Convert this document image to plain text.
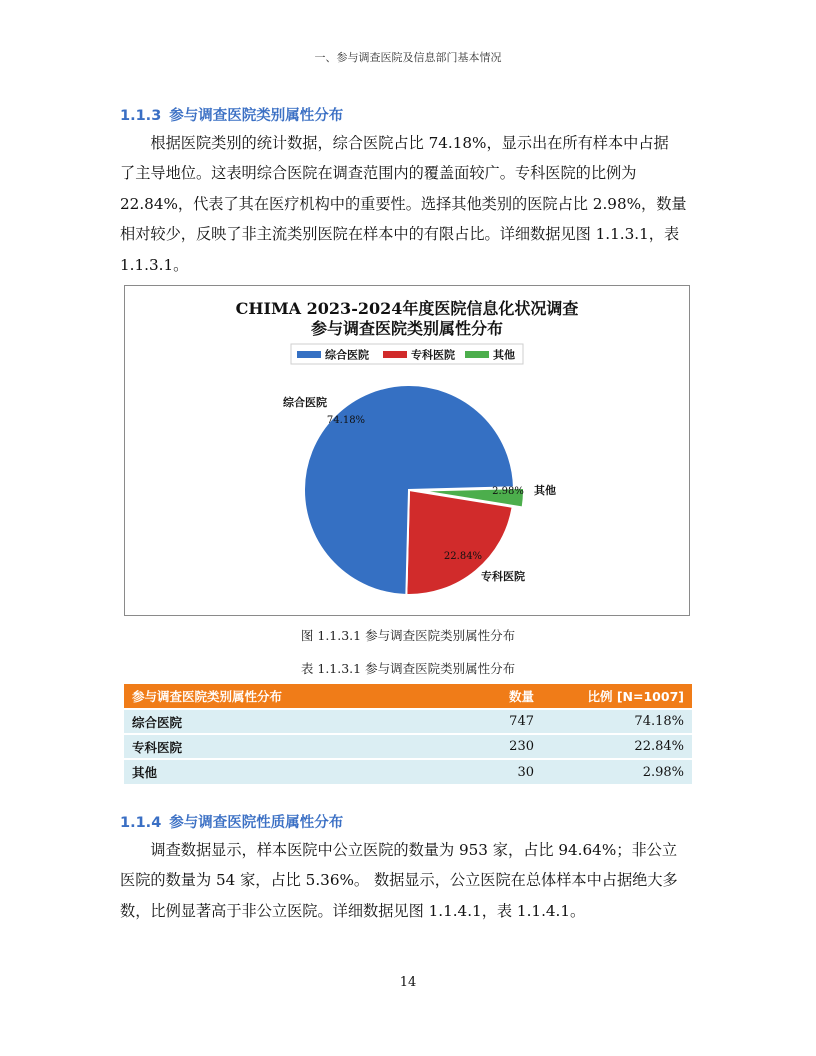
一、参与调查医院及信息部门基本情况
1.1.3 参与调查医院类别属性分布
　　根据医院类别的统计数据，综合医院占比 74.18%，显示出在所有样本中占据
了主导地位。这表明综合医院在调查范围内的覆盖面较广。专科医院的比例为
22.84%，代表了其在医疗机构中的重要性。选择其他类别的医院占比 2.98%，数量
相对较少，反映了非主流类别医院在样本中的有限占比。详细数据见图 1.1.3.1，表
1.1.3.1。
CHIMA 2023-2024年度医院信息化状况调查
参与调查医院类别属性分布
综合医院	专科医院	其他
2.98% 其他
22.84%
专科医院
74.18%
综合医院
图 1.1.3.1 参与调查医院类别属性分布
表 1.1.3.1 参与调查医院类别属性分布
参与调查医院类别属性分布	数量	比例 [N=1007]
综合医院	747	74.18%
专科医院	230	22.84%
其他	30	2.98%
1.1.4 参与调查医院性质属性分布
　　调查数据显示，样本医院中公立医院的数量为 953 家，占比 94.64%；非公立
医院的数量为 54 家，占比 5.36%。 数据显示，公立医院在总体样本中占据绝大多
数，比例显著高于非公立医院。详细数据见图 1.1.4.1，表 1.1.4.1。
14
